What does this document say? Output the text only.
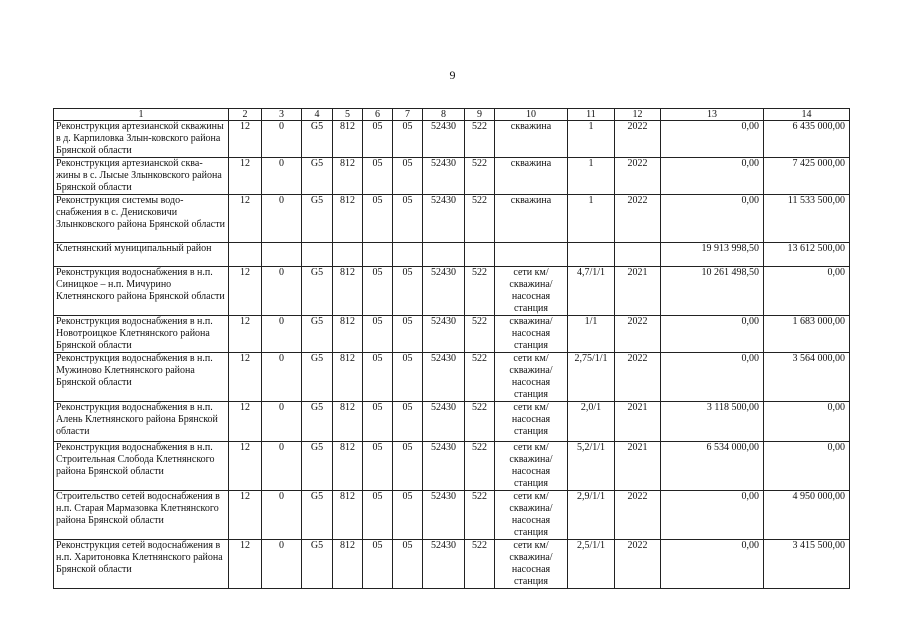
9
1	2	3	4	5	6	7	8	9	10	11	12	13	14
Реконструкция артезианской скважины в д. Карпиловка Злын-ковского района Брянской области	12	0	G5	812	05	05	52430	522	скважина	1	2022	0,00	6 435 000,00
Реконструкция артезианской сква-жины в с. Лысые Злынковского района Брянской области	12	0	G5	812	05	05	52430	522	скважина	1	2022	0,00	7 425 000,00
Реконструкция системы водо-снабжения в с. Денисковичи Злынковского района Брянской области	12	0	G5	812	05	05	52430	522	скважина	1	2022	0,00	11 533 500,00
Клетнянский муниципальный район												19 913 998,50	13 612 500,00
Реконструкция водоснабжения в н.п. Синицкое – н.п. Мичурино Клетнянского района Брянской области	12	0	G5	812	05	05	52430	522	сети км/ скважина/ насосная станция	4,7/1/1	2021	10 261 498,50	0,00
Реконструкция водоснабжения в н.п. Новотроицкое Клетнянского района Брянской области	12	0	G5	812	05	05	52430	522	скважина/ насосная станция	1/1	2022	0,00	1 683 000,00
Реконструкция водоснабжения в н.п. Мужиново Клетнянского района Брянской области	12	0	G5	812	05	05	52430	522	сети км/ скважина/ насосная станция	2,75/1/1	2022	0,00	3 564 000,00
Реконструкция водоснабжения в н.п. Алень Клетнянского района Брянской области	12	0	G5	812	05	05	52430	522	сети км/ насосная станция	2,0/1	2021	3 118 500,00	0,00
Реконструкция водоснабжения в н.п. Строительная Слобода Клетнянского района Брянской области	12	0	G5	812	05	05	52430	522	сети км/ скважина/ насосная станция	5,2/1/1	2021	6 534 000,00	0,00
Строительство сетей водоснабжения в н.п. Старая Мармазовка Клетнянского района Брянской области	12	0	G5	812	05	05	52430	522	сети км/ скважина/ насосная станция	2,9/1/1	2022	0,00	4 950 000,00
Реконструкция сетей водоснабжения в н.п. Харитоновка Клетнянского района Брянской области	12	0	G5	812	05	05	52430	522	сети км/ скважина/ насосная станция	2,5/1/1	2022	0,00	3 415 500,00
